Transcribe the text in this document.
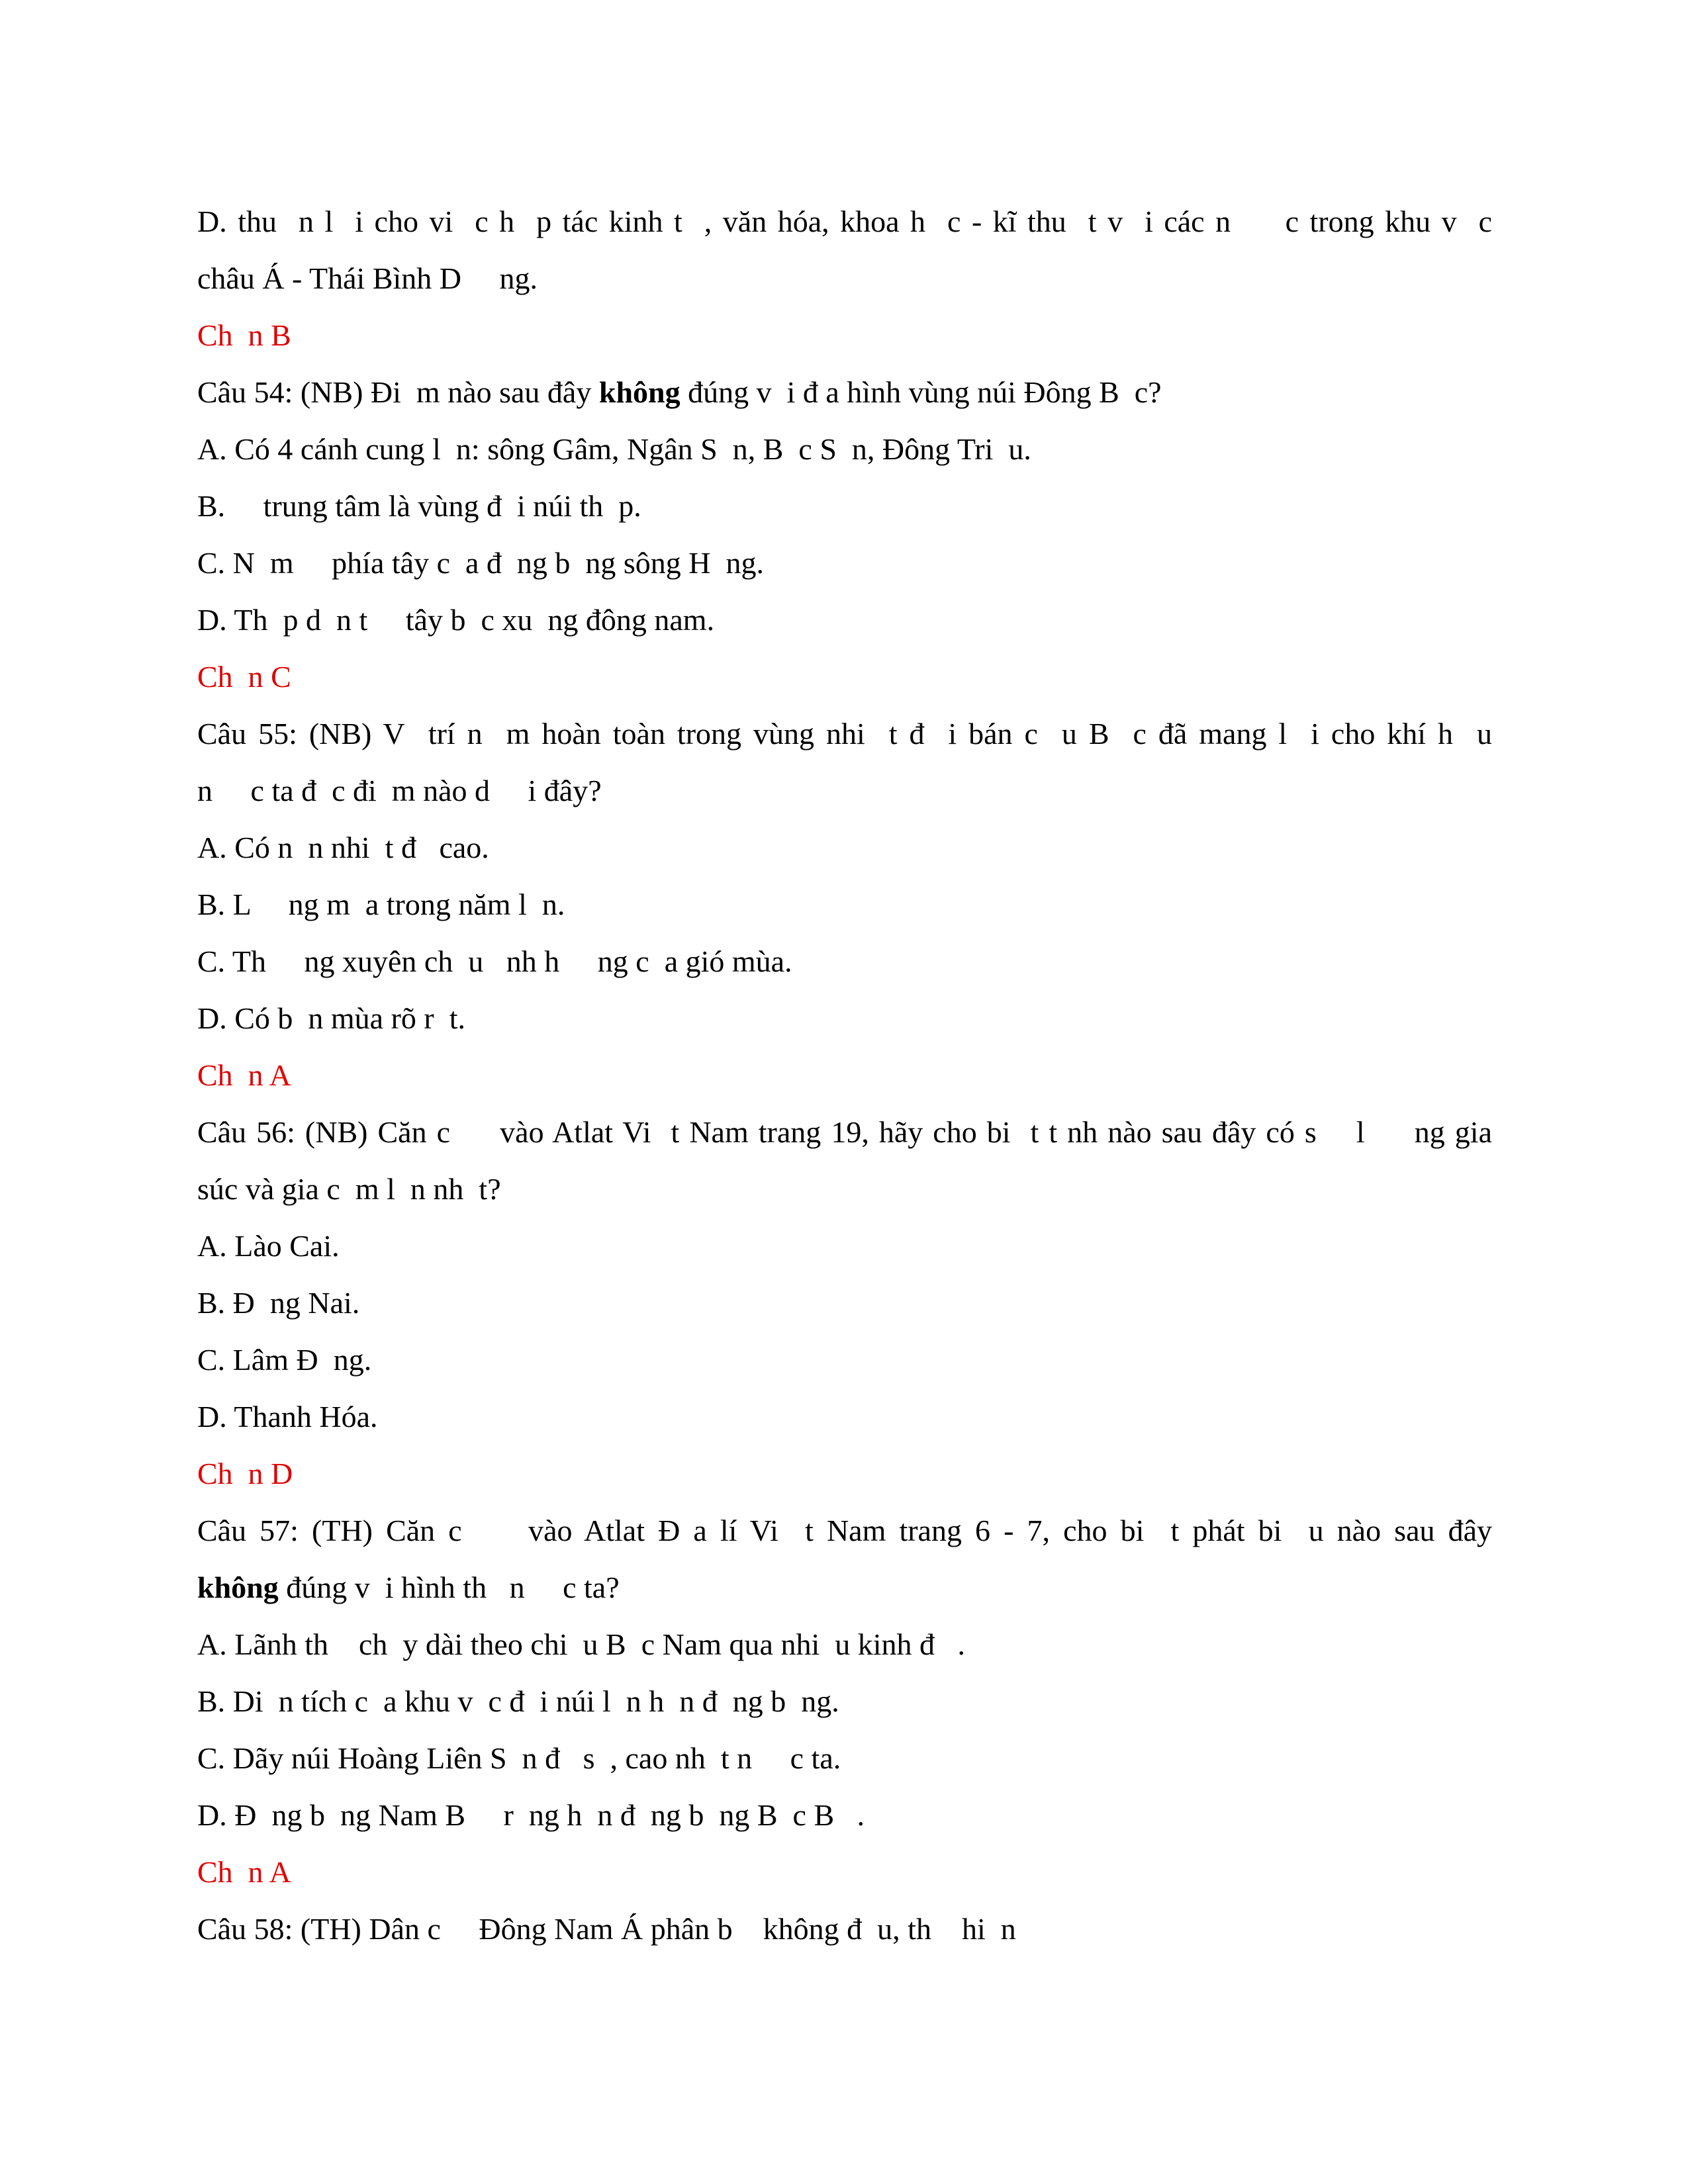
D. thu  n l  i cho vi  c h  p tác kinh t  , văn hóa, khoa h  c - kĩ thu  t v  i các n     c trong khu v  c
châu Á - Thái Bình D     ng.
Ch  n B
Câu 54: (NB) Đi  m nào sau đây không đúng v  i đ a hình vùng núi Đông B  c?
A. Có 4 cánh cung l  n: sông Gâm, Ngân S  n, B  c S  n, Đông Tri  u.
B.     trung tâm là vùng đ  i núi th  p.
C. N  m     phía tây c  a đ  ng b  ng sông H  ng.
D. Th  p d  n t     tây b  c xu  ng đông nam.
Ch  n C
Câu 55: (NB) V  trí n  m hoàn toàn trong vùng nhi  t đ  i bán c  u B  c đã mang l  i cho khí h  u
n     c ta đ  c đi  m nào d     i đây?
A. Có n  n nhi  t đ   cao.
B. L     ng m  a trong năm l  n.
C. Th     ng xuyên ch  u   nh h     ng c  a gió mùa.
D. Có b  n mùa rõ r  t.
Ch  n A
Câu 56: (NB) Căn c     vào Atlat Vi  t Nam trang 19, hãy cho bi  t t nh nào sau đây có s    l     ng gia
súc và gia c  m l  n nh  t?
A. Lào Cai.
B. Đ  ng Nai.
C. Lâm Đ  ng.
D. Thanh Hóa.
Ch  n D
Câu 57: (TH) Căn c     vào Atlat Đ a lí Vi  t Nam trang 6 - 7, cho bi  t phát bi  u nào sau đây
không đúng v  i hình th   n     c ta?
A. Lãnh th    ch  y dài theo chi  u B  c Nam qua nhi  u kinh đ   .
B. Di  n tích c  a khu v  c đ  i núi l  n h  n đ  ng b  ng.
C. Dãy núi Hoàng Liên S  n đ   s  , cao nh  t n     c ta.
D. Đ  ng b  ng Nam B     r  ng h  n đ  ng b  ng B  c B   .
Ch  n A
Câu 58: (TH) Dân c     Đông Nam Á phân b    không đ  u, th    hi  n
